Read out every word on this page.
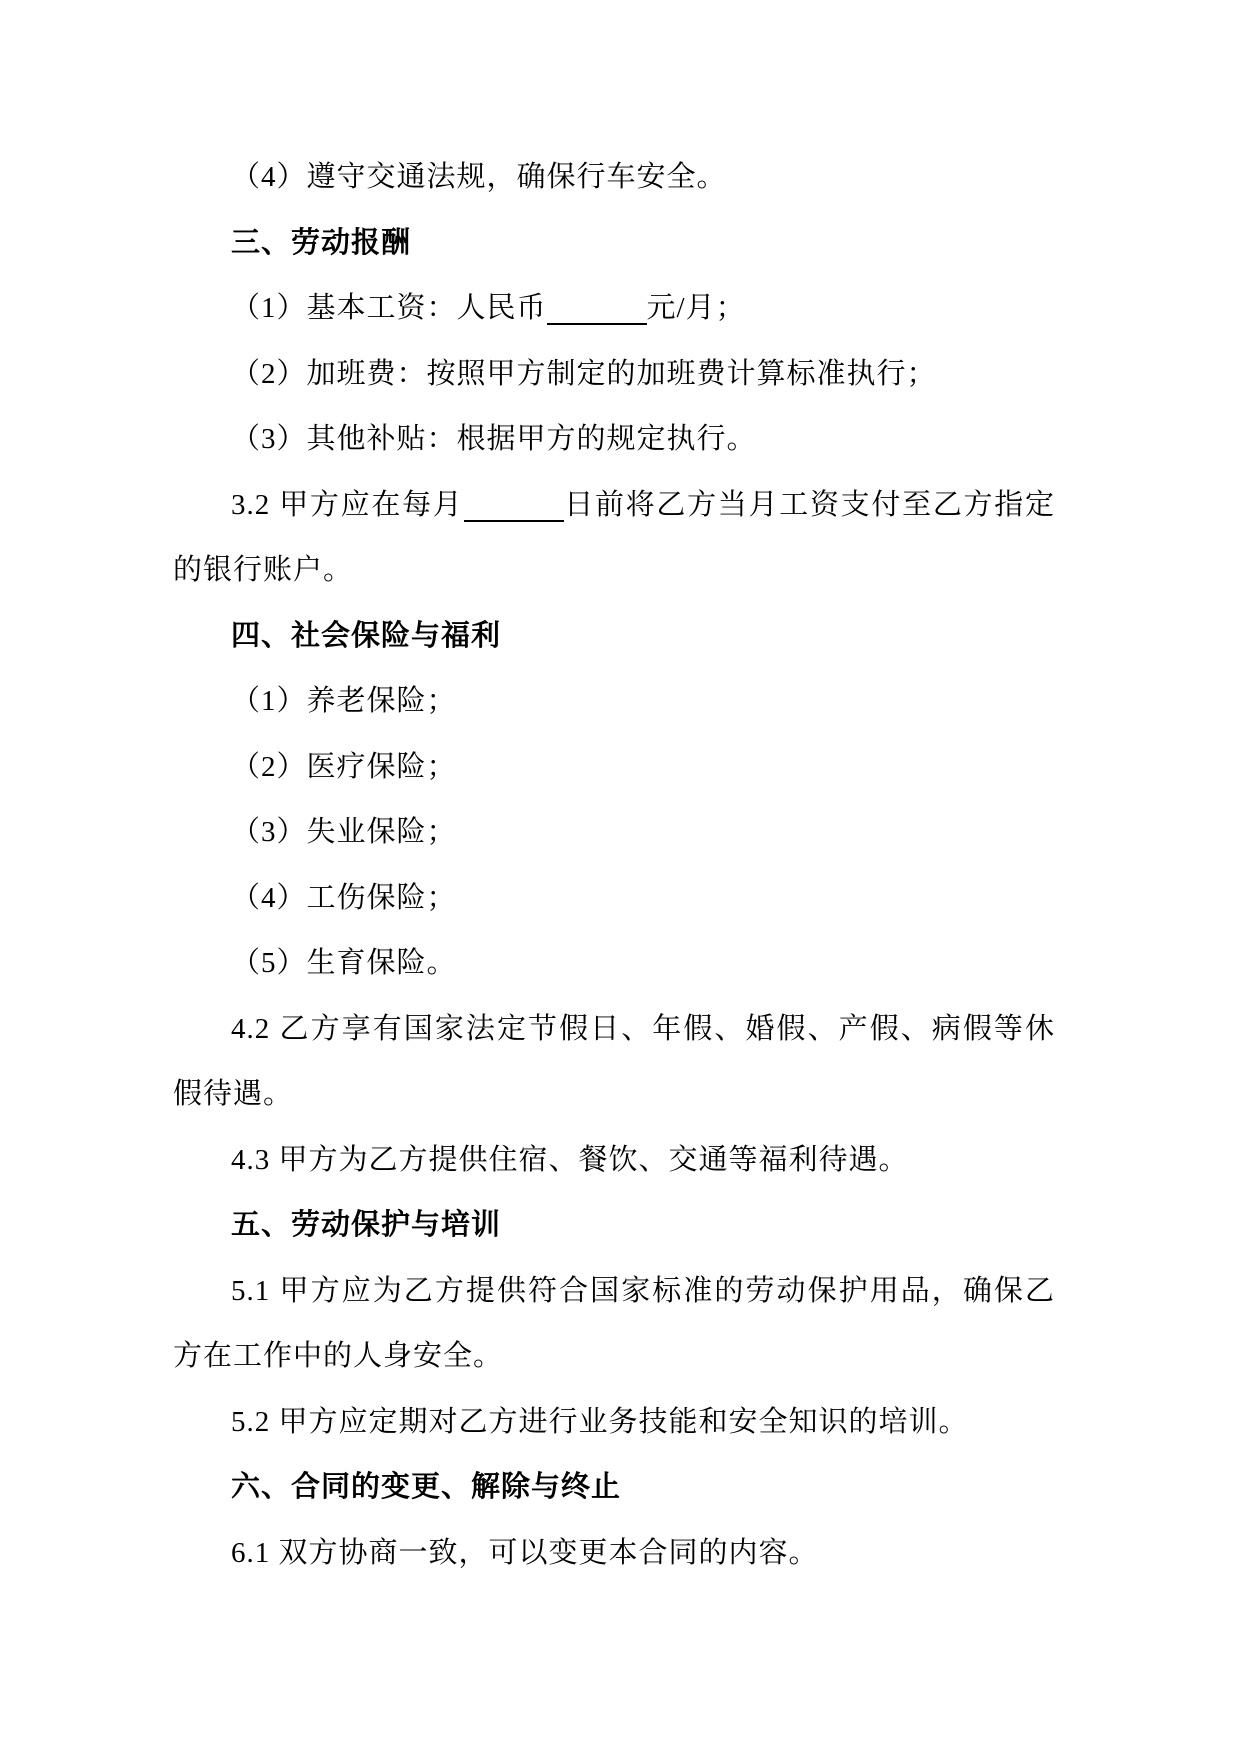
（4）遵守交通法规，确保行车安全。

三、劳动报酬

（1）基本工资：人民币	元/月；

（2）加班费：按照甲方制定的加班费计算标准执行；

（3）其他补贴：根据甲方的规定执行。

3.2 甲方应在每月	日前将乙方当月工资支付至乙方指定的银行账户。

四、社会保险与福利

（1）养老保险；

（2）医疗保险；

（3）失业保险；

（4）工伤保险；

（5）生育保险。

4.2 乙方享有国家法定节假日、年假、婚假、产假、病假等休假待遇。

4.3 甲方为乙方提供住宿、餐饮、交通等福利待遇。

五、劳动保护与培训

5.1 甲方应为乙方提供符合国家标准的劳动保护用品，确保乙方在工作中的人身安全。

5.2 甲方应定期对乙方进行业务技能和安全知识的培训。

六、合同的变更、解除与终止

6.1 双方协商一致，可以变更本合同的内容。
